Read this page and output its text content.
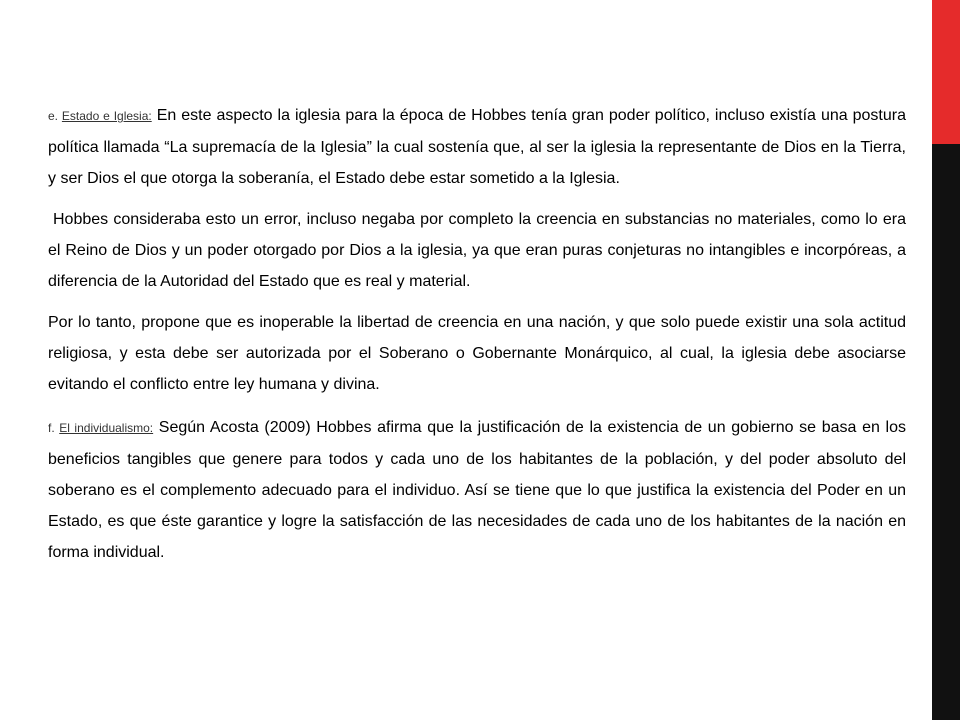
e. Estado e Iglesia: En este aspecto la iglesia para la época de Hobbes tenía gran poder político, incluso existía una postura política llamada “La supremacía de la Iglesia” la cual sostenía que, al ser la iglesia la representante de Dios en la Tierra, y ser Dios el que otorga la soberanía, el Estado debe estar sometido a la Iglesia.

Hobbes consideraba esto un error, incluso negaba por completo la creencia en substancias no materiales, como lo era el Reino de Dios y un poder otorgado por Dios a la iglesia, ya que eran puras conjeturas no intangibles e incorpóreas, a diferencia de la Autoridad del Estado que es real y material.

Por lo tanto, propone que es inoperable la libertad de creencia en una nación, y que solo puede existir una sola actitud religiosa, y esta debe ser autorizada por el Soberano o Gobernante Monárquico, al cual, la iglesia debe asociarse evitando el conflicto entre ley humana y divina.

f. El individualismo: Según Acosta (2009) Hobbes afirma que la justificación de la existencia de un gobierno se basa en los beneficios tangibles que genere para todos y cada uno de los habitantes de la población, y del poder absoluto del soberano es el complemento adecuado para el individuo. Así se tiene que lo que justifica la existencia del Poder en un Estado, es que éste garantice y logre la satisfacción de las necesidades de cada uno de los habitantes de la nación en forma individual.
